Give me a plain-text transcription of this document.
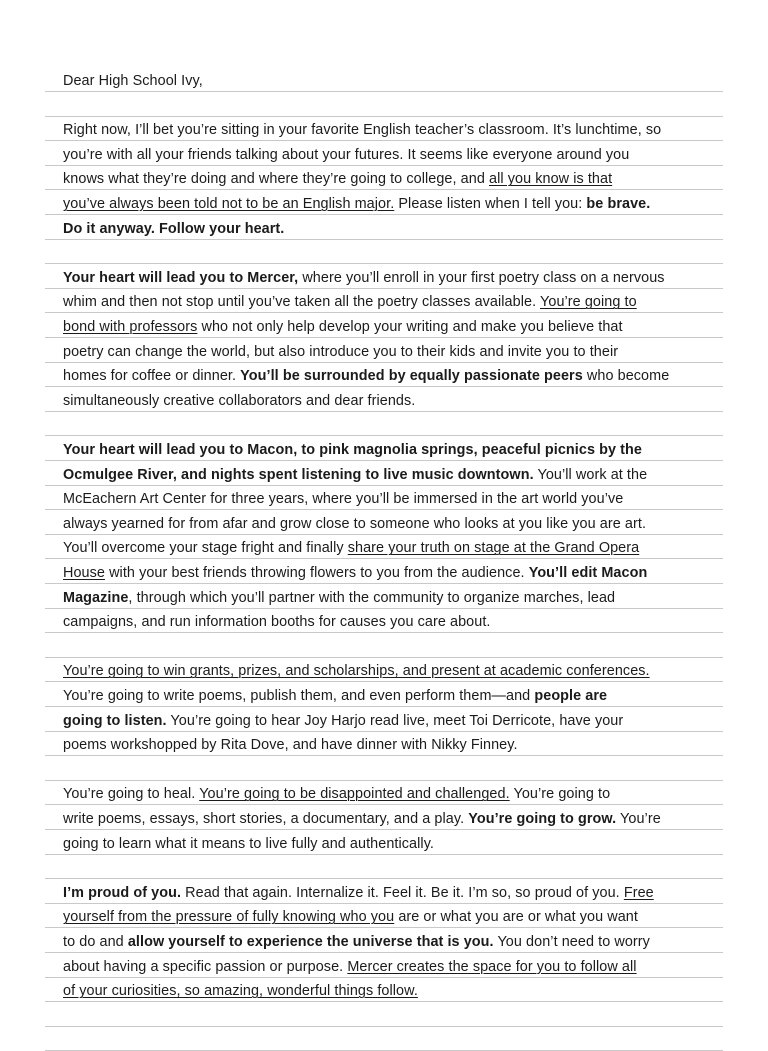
Dear High School Ivy,
Right now, I’ll bet you’re sitting in your favorite English teacher’s classroom. It’s lunchtime, so
you’re with all your friends talking about your futures. It seems like everyone around you
knows what they’re doing and where they’re going to college, and all you know is that
you’ve always been told not to be an English major. Please listen when I tell you: be brave.
Do it anyway. Follow your heart.
Your heart will lead you to Mercer, where you’ll enroll in your first poetry class on a nervous
whim and then not stop until you’ve taken all the poetry classes available. You’re going to
bond with professors who not only help develop your writing and make you believe that
poetry can change the world, but also introduce you to their kids and invite you to their
homes for coffee or dinner. You’ll be surrounded by equally passionate peers who become
simultaneously creative collaborators and dear friends.
Your heart will lead you to Macon, to pink magnolia springs, peaceful picnics by the
Ocmulgee River, and nights spent listening to live music downtown. You’ll work at the
McEachern Art Center for three years, where you’ll be immersed in the art world you’ve
always yearned for from afar and grow close to someone who looks at you like you are art.
You’ll overcome your stage fright and finally share your truth on stage at the Grand Opera
House with your best friends throwing flowers to you from the audience. You’ll edit Macon
Magazine, through which you’ll partner with the community to organize marches, lead
campaigns, and run information booths for causes you care about.
You’re going to win grants, prizes, and scholarships, and present at academic conferences.
You’re going to write poems, publish them, and even perform them—and people are
going to listen. You’re going to hear Joy Harjo read live, meet Toi Derricote, have your
poems workshopped by Rita Dove, and have dinner with Nikky Finney.
You’re going to heal. You’re going to be disappointed and challenged. You’re going to
write poems, essays, short stories, a documentary, and a play. You’re going to grow. You’re
going to learn what it means to live fully and authentically.
I’m proud of you. Read that again. Internalize it. Feel it. Be it. I’m so, so proud of you. Free
yourself from the pressure of fully knowing who you are or what you are or what you want
to do and allow yourself to experience the universe that is you. You don’t need to worry
about having a specific passion or purpose. Mercer creates the space for you to follow all
of your curiosities, so amazing, wonderful things follow.
